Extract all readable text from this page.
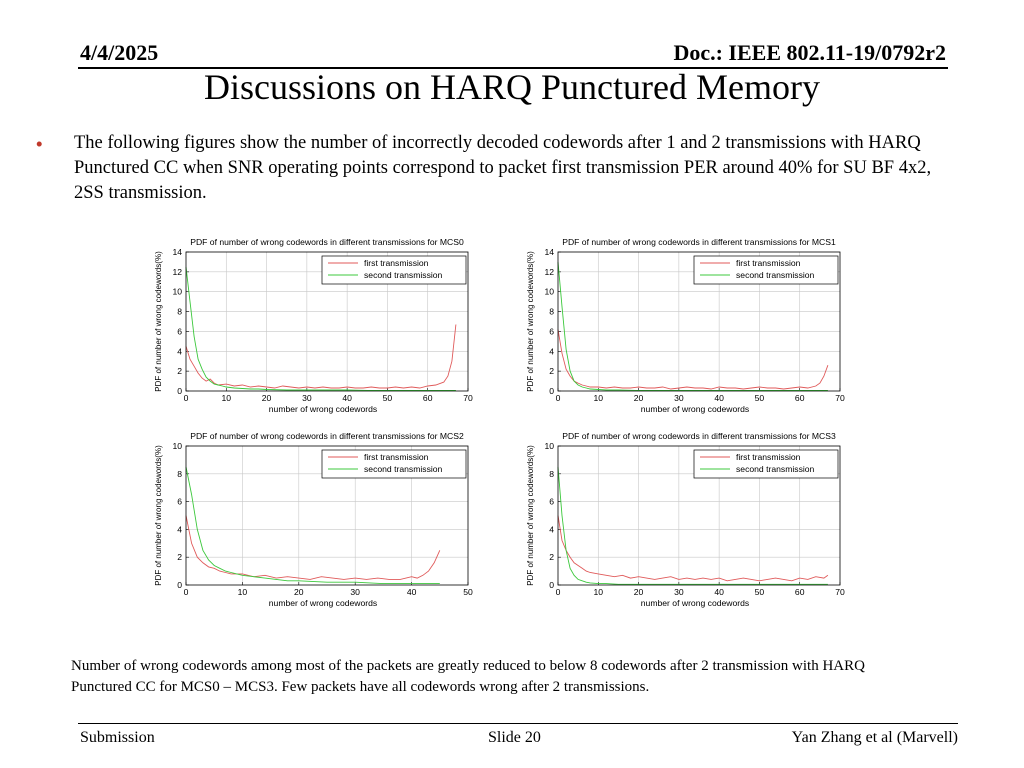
4/4/2025	Doc.: IEEE 802.11-19/0792r2
Discussions on HARQ Punctured Memory
• The following figures show the number of incorrectly decoded codewords after 1 and 2 transmissions with HARQ Punctured CC when SNR operating points correspond to packet first transmission PER around 40% for SU BF 4x2, 2SS transmission.
PDF of number of wrong codewords in different transmissions for MCS0
0	10	20	30	40	50	60	70
0
2
4
6
8
10
12
14
number of wrong codewords
PDF of number of wrong codewords(%)	first transmission
second transmission
PDF of number of wrong codewords in different transmissions for MCS1
0	10	20	30	40	50	60	70
0
2
4
6
8
10
12
14
number of wrong codewords
PDF of number of wrong codewords(%)	first transmission
second transmission
PDF of number of wrong codewords in different transmissions for MCS2
0	10	20	30	40	50
0
2
4
6
8
10
number of wrong codewords
PDF of number of wrong codewords(%)	first transmission
second transmission
PDF of number of wrong codewords in different transmissions for MCS3
0	10	20	30	40	50	60	70
0
2
4
6
8
10
number of wrong codewords
PDF of number of wrong codewords(%)	first transmission
second transmission
Number of wrong codewords among most of the packets are greatly reduced to below 8 codewords after 2 transmission with HARQ Punctured CC for MCS0 – MCS3. Few packets have all codewords wrong after 2 transmissions.
Submission	Slide 20	Yan Zhang et al (Marvell)
